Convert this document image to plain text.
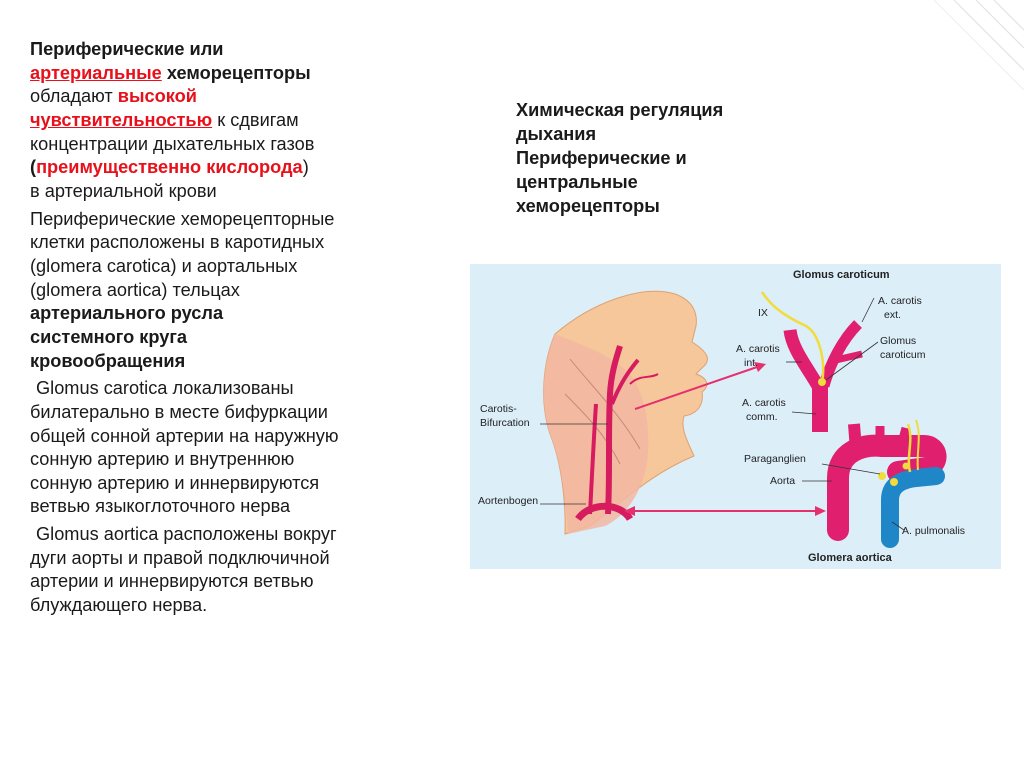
Периферические или
артериальные хеморецепторы
обладают высокой
чувствительностью к сдвигам
концентрации дыхательных газов
(преимущественно кислорода)
в артериальной крови

Периферические хеморецепторные
клетки расположены в каротидных
(glomera carotica) и аортальных
(glomera aortica) тельцах
артериального русла
системного круга
кровообращения

Glomus carotica локализованы
билатерально в месте бифуркации
общей сонной артерии на наружную
сонную артерию и внутреннюю
сонную артерию и иннервируются
ветвью языкоглоточного нерва

Glomus aortica расположены вокруг
дуги аорты и правой подключичной
артерии и иннервируются ветвью
блуждающего нерва.

Химическая регуляция
дыхания
Периферические и
центральные
хеморецепторы
Glomus caroticum
IX
A. carotis
ext.
Glomus
caroticum
A. carotis
int.
A. carotis
comm.
Carotis-
Bifurcation
Aortenbogen
Paraganglien
Aorta
A. pulmonalis
Glomera aortica
